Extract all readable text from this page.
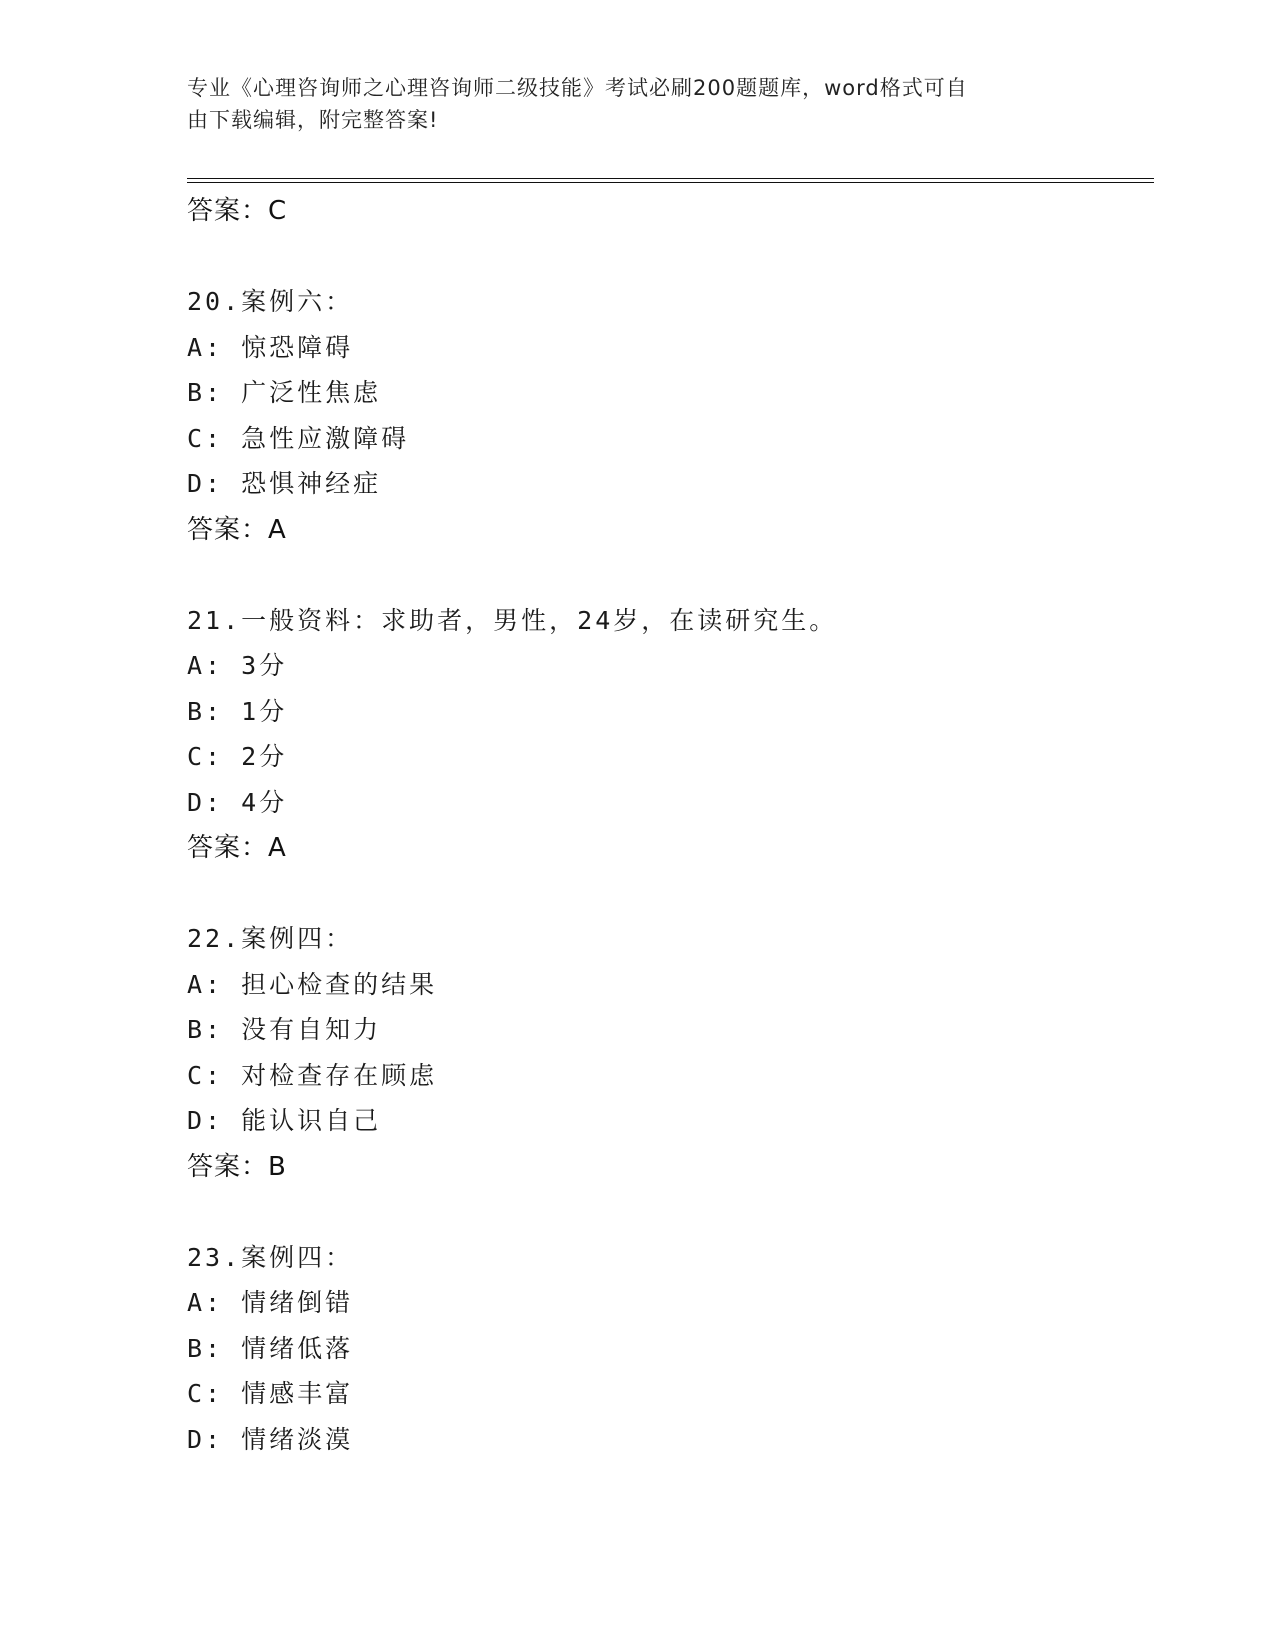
专业《心理咨询师之心理咨询师二级技能》考试必刷200题题库，word格式可自
由下载编辑，附完整答案!
答案：C
20.案例六：
A: 惊恐障碍
B: 广泛性焦虑
C: 急性应激障碍
D: 恐惧神经症
答案：A
21.一般资料：求助者，男性，24岁，在读研究生。
A: 3分
B: 1分
C: 2分
D: 4分
答案：A
22.案例四：
A: 担心检查的结果
B: 没有自知力
C: 对检查存在顾虑
D: 能认识自己
答案：B
23.案例四：
A: 情绪倒错
B: 情绪低落
C: 情感丰富
D: 情绪淡漠
